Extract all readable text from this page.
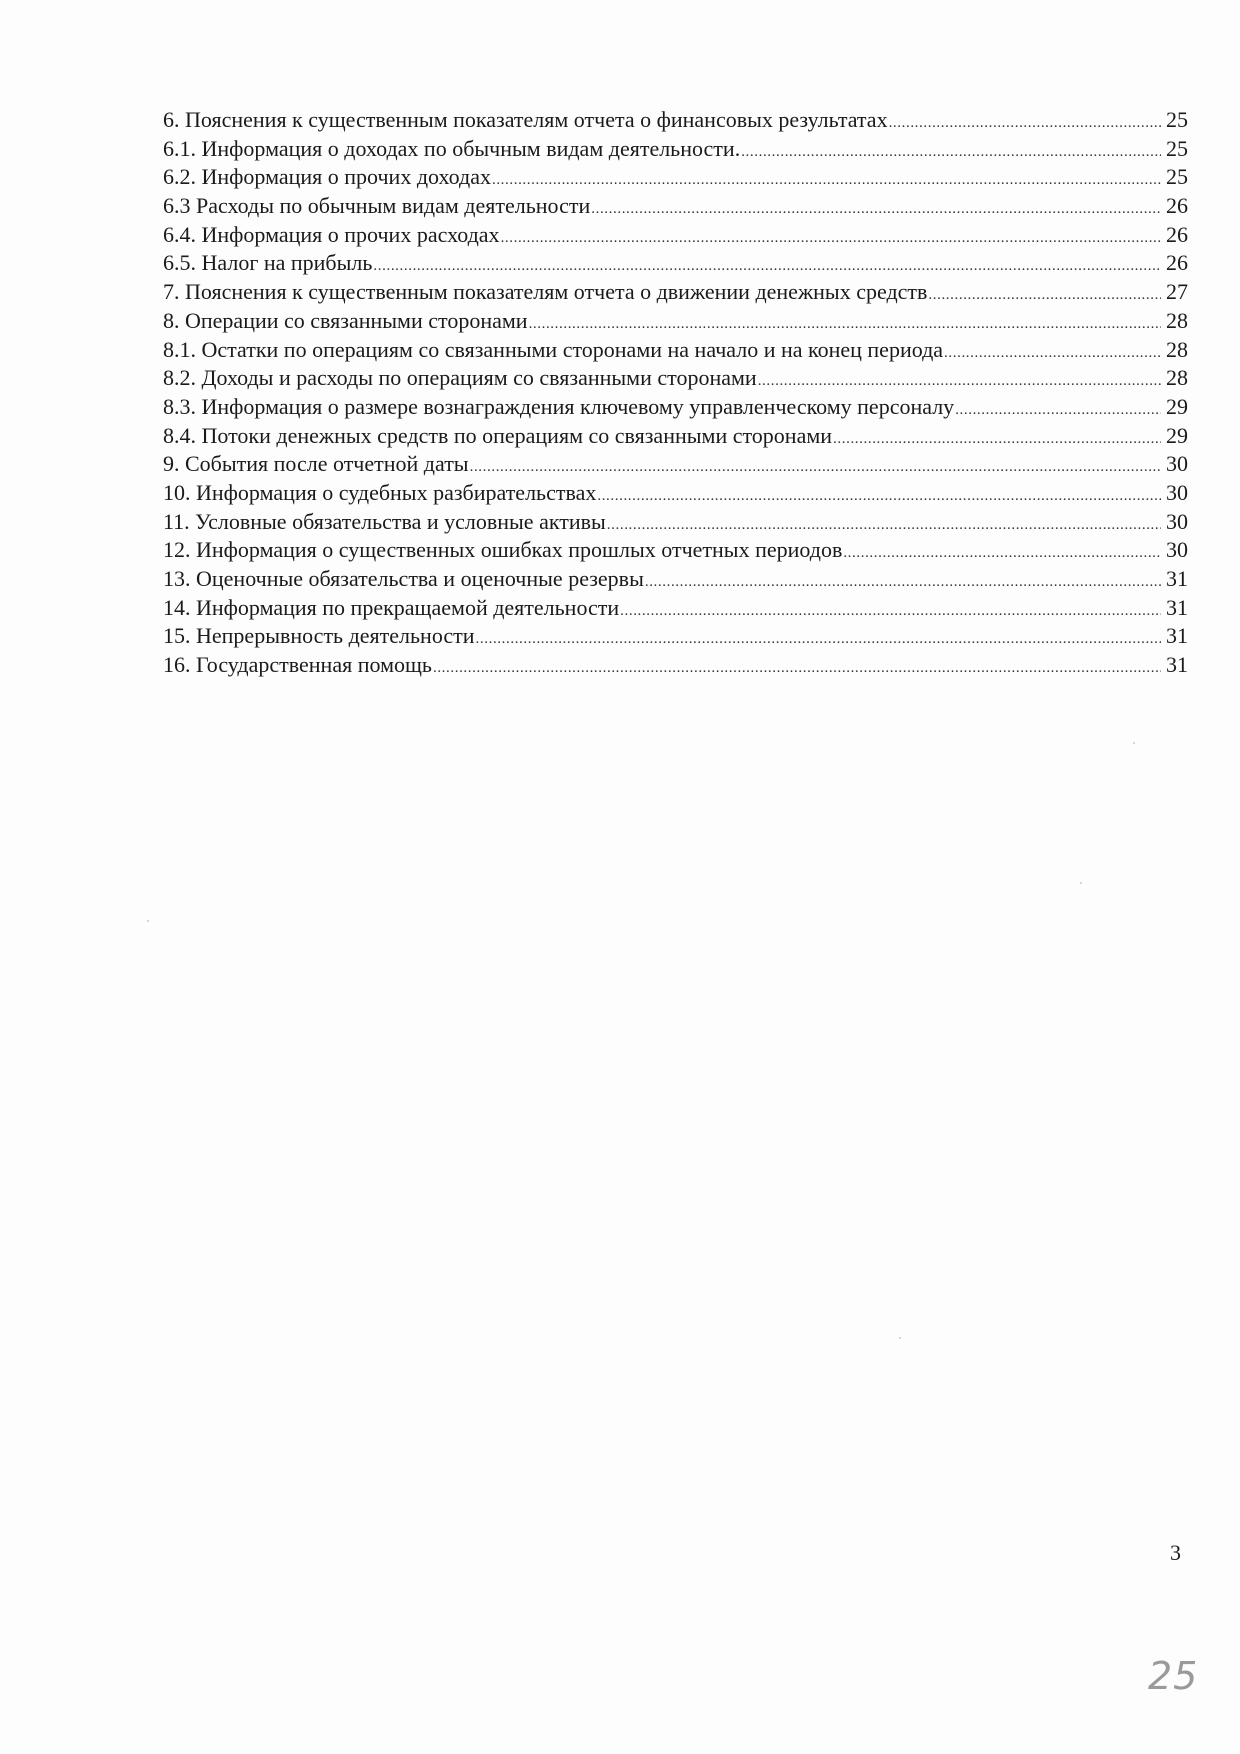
6. Пояснения к существенным показателям отчета о финансовых результатах .....	25
6.1. Информация о доходах по обычным видам деятельности. .....	25
6.2. Информация о прочих доходах .....	25
6.3 Расходы по обычным видам деятельности .....	26
6.4. Информация о прочих расходах .....	26
6.5. Налог на прибыль .....	26
7. Пояснения к существенным показателям отчета о движении денежных средств .....	27
8. Операции со связанными сторонами .....	28
8.1. Остатки по операциям со связанными сторонами на начало и на конец периода .....	28
8.2. Доходы и расходы по операциям со связанными сторонами .....	28
8.3. Информация о размере вознаграждения ключевому управленческому персоналу .....	29
8.4. Потоки денежных средств по операциям со связанными сторонами .....	29
9. События после отчетной даты .....	30
10. Информация о судебных разбирательствах .....	30
11. Условные обязательства и условные активы .....	30
12. Информация о существенных ошибках прошлых отчетных периодов .....	30
13. Оценочные обязательства и оценочные резервы .....	31
14. Информация по прекращаемой деятельности .....	31
15. Непрерывность деятельности .....	31
16. Государственная помощь .....	31
3
25
